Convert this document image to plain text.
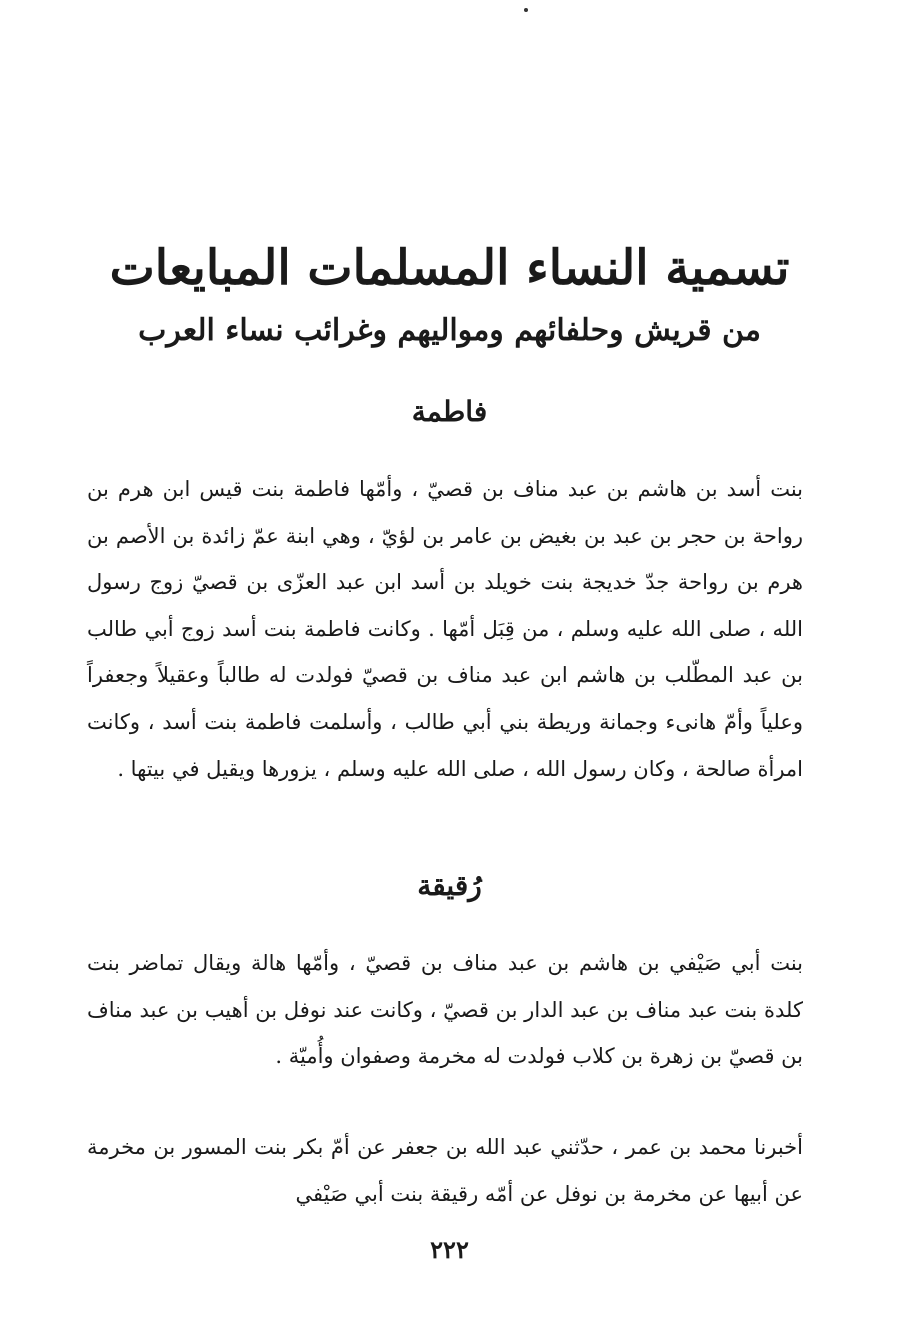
تسمية النساء المسلمات المبايعات
من قريش وحلفائهم ومواليهم وغرائب نساء العرب
فاطمة

بنت أسد بن هاشم بن عبد مناف بن قصيّ ، وأمّها فاطمة بنت قيس ابن هرم بن رواحة بن حجر بن عبد بن بغيض بن عامر بن لؤيّ ، وهي ابنة عمّ زائدة بن الأصم بن هرم بن رواحة جدّ خديجة بنت خويلد بن أسد ابن عبد العزّى بن قصيّ زوج رسول الله ، صلى الله عليه وسلم ، من قِبَل أمّها . وكانت فاطمة بنت أسد زوج أبي طالب بن عبد المطّلب بن هاشم ابن عبد مناف بن قصيّ فولدت له طالباً وعقيلاً وجعفراً وعلياً وأمّ هانىء وجمانة وريطة بني أبي طالب ، وأسلمت فاطمة بنت أسد ، وكانت امرأة صالحة ، وكان رسول الله ، صلى الله عليه وسلم ، يزورها ويقيل في بيتها .

رُقيقة

بنت أبي صَيْفي بن هاشم بن عبد مناف بن قصيّ ، وأمّها هالة ويقال تماضر بنت كلدة بنت عبد مناف بن عبد الدار بن قصيّ ، وكانت عند نوفل بن أهيب بن عبد مناف بن قصيّ بن زهرة بن كلاب فولدت له مخرمة وصفوان وأُميّة .

أخبرنا محمد بن عمر ، حدّثني عبد الله بن جعفر عن أمّ بكر بنت المسور بن مخرمة عن أبيها عن مخرمة بن نوفل عن أمّه رقيقة بنت أبي صَيْفي

٢٢٢
